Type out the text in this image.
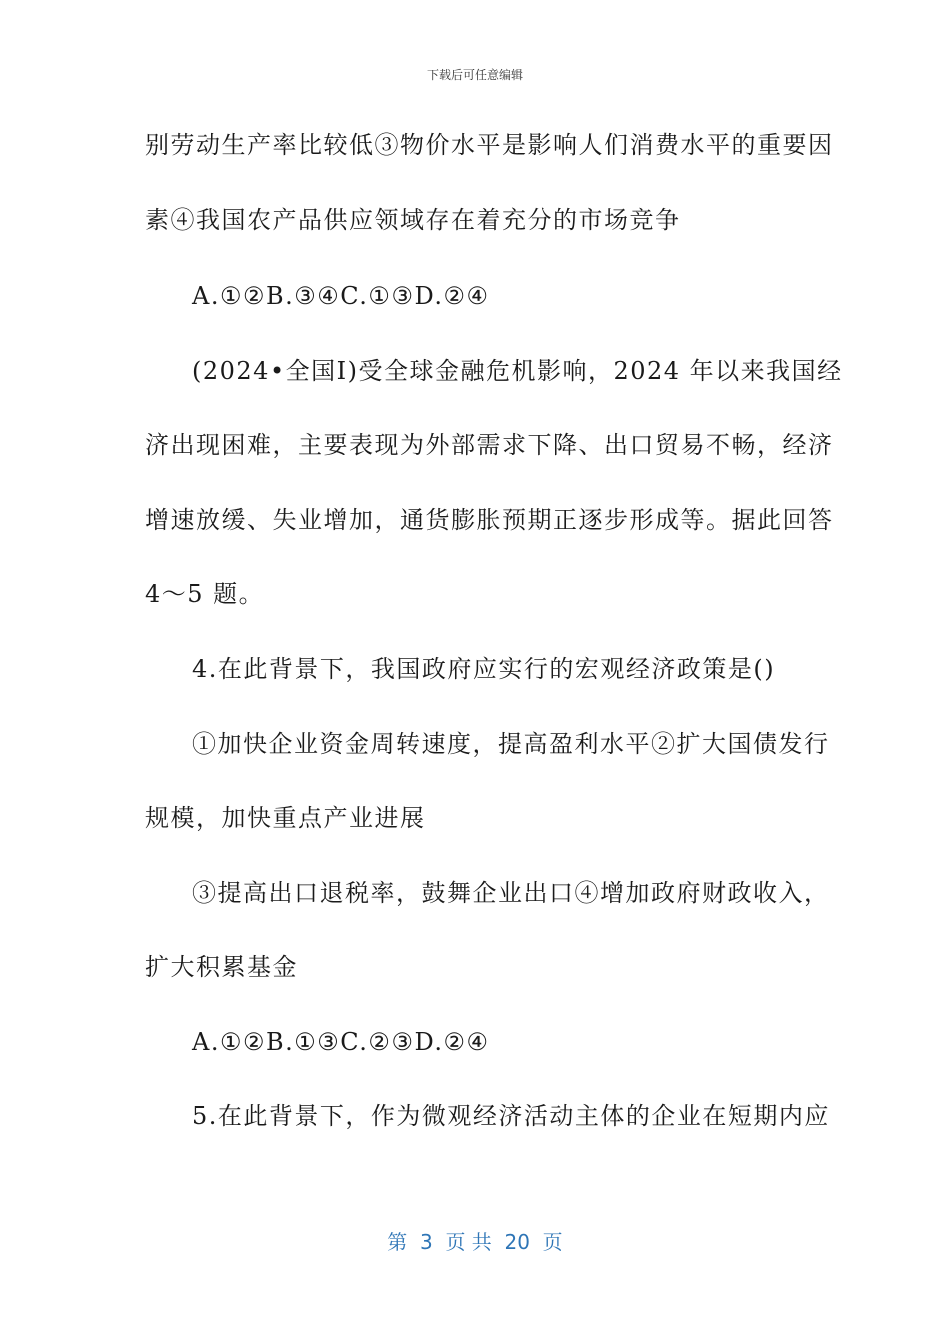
下载后可任意编辑
别劳动生产率比较低③物价水平是影响人们消费水平的重要因
素④我国农产品供应领域存在着充分的市场竞争
A.①②B.③④C.①③D.②④
(2024•全国Ⅰ)受全球金融危机影响，2024 年以来我国经
济出现困难，主要表现为外部需求下降、出口贸易不畅，经济
增速放缓、失业增加，通货膨胀预期正逐步形成等。据此回答
4～5 题。
4.在此背景下，我国政府应实行的宏观经济政策是()
①加快企业资金周转速度，提高盈利水平②扩大国债发行
规模，加快重点产业进展
③提高出口退税率，鼓舞企业出口④增加政府财政收入，
扩大积累基金
A.①②B.①③C.②③D.②④
5.在此背景下，作为微观经济活动主体的企业在短期内应
第  3  页 共  20  页
